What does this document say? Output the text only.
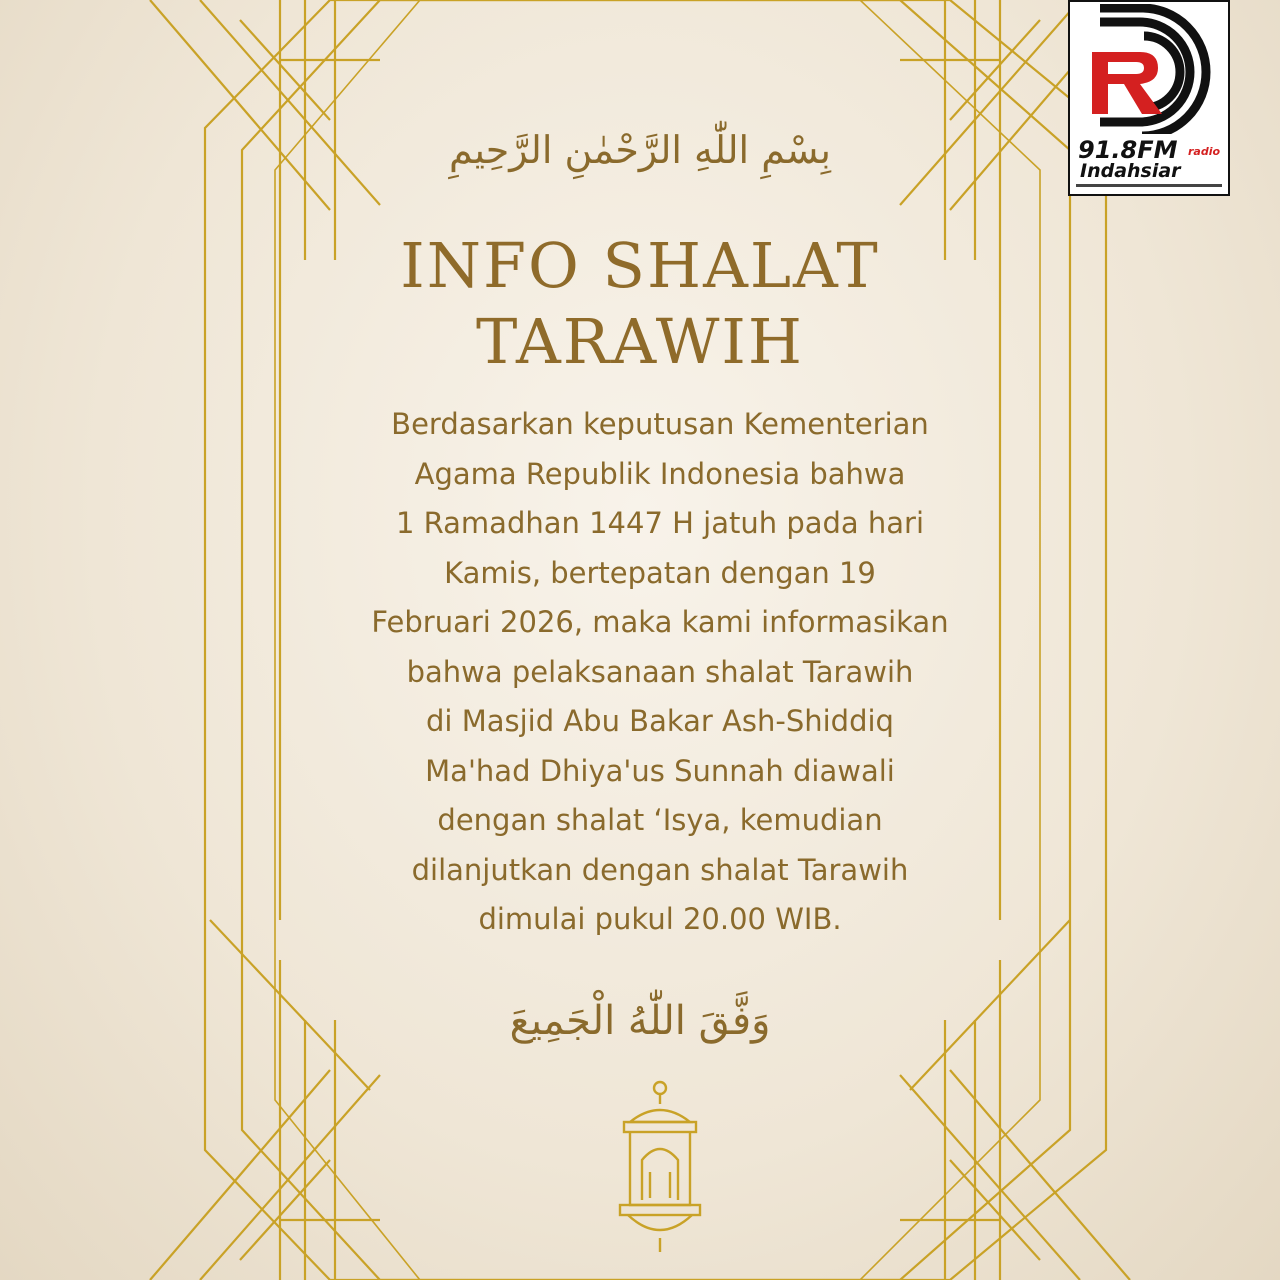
بِسْمِ اللّٰهِ الرَّحْمٰنِ الرَّحِيمِ
INFO SHALAT
TARAWIH
Berdasarkan keputusan Kementerian
Agama Republik Indonesia bahwa
1 Ramadhan 1447 H jatuh pada hari
Kamis, bertepatan dengan 19
Februari 2026, maka kami informasikan
bahwa pelaksanaan shalat Tarawih
di Masjid Abu Bakar Ash-Shiddiq
Ma'had Dhiya'us Sunnah diawali
dengan shalat ‘Isya, kemudian
dilanjutkan dengan shalat Tarawih
dimulai pukul 20.00 WIB.
وَفَّقَ اللّٰهُ الْجَمِيعَ
91.8FM radio
Indahsiar
